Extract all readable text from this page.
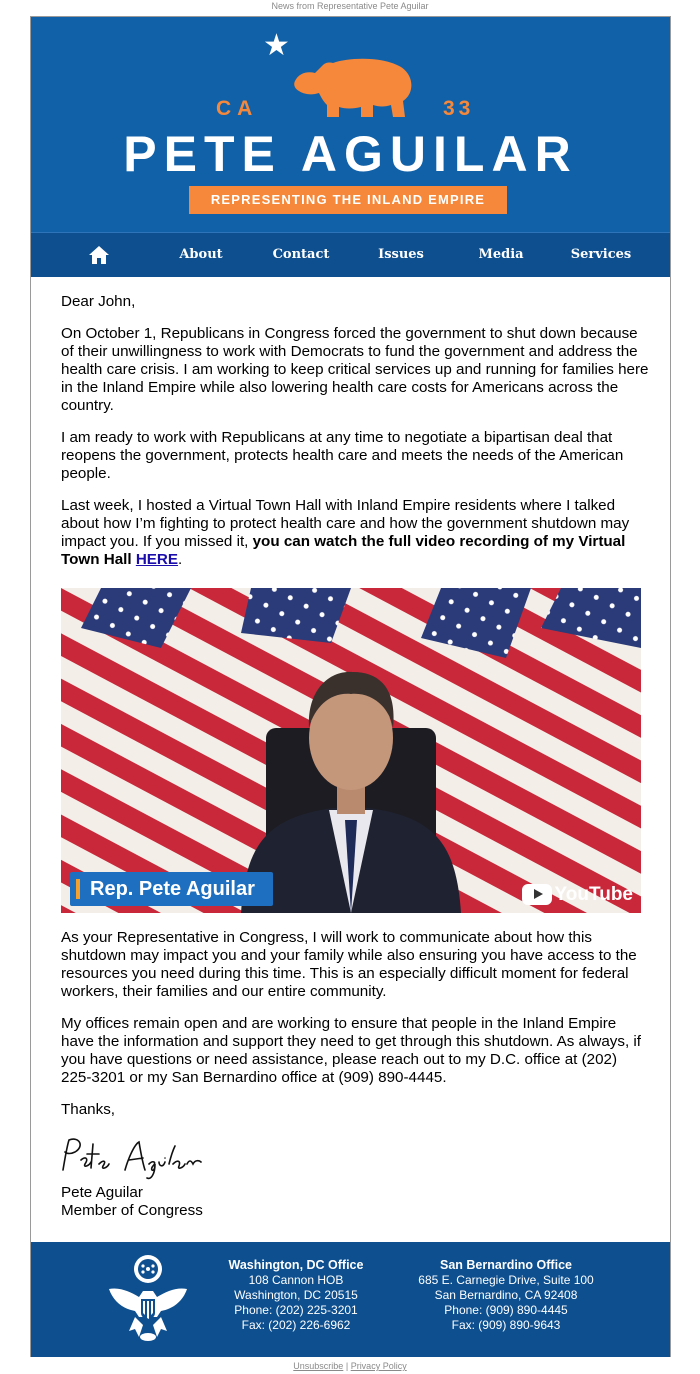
News from Representative Pete Aguilar
★
CA	33
PETE AGUILAR
REPRESENTING THE INLAND EMPIRE
About	Contact	Issues	Media	Services

Dear John,

On October 1, Republicans in Congress forced the government to shut down because of their unwillingness to work with Democrats to fund the government and address the health care crisis. I am working to keep critical services up and running for families here in the Inland Empire while also lowering health care costs for Americans across the country.

I am ready to work with Republicans at any time to negotiate a bipartisan deal that reopens the government, protects health care and meets the needs of the American people.

Last week, I hosted a Virtual Town Hall with Inland Empire residents where I talked about how I’m fighting to protect health care and how the government shutdown may impact you. If you missed it, you can watch the full video recording of my Virtual Town Hall HERE.

Rep. Pete Aguilar	YouTube

As your Representative in Congress, I will work to communicate about how this shutdown may impact you and your family while also ensuring you have access to the resources you need during this time. This is an especially difficult moment for federal workers, their families and our entire community.

My offices remain open and are working to ensure that people in the Inland Empire have the information and support they need to get through this shutdown. As always, if you have questions or need assistance, please reach out to my D.C. office at (202) 225-3201 or my San Bernardino office at (909) 890-4445.

Thanks,

Pete Aguilar
Member of Congress
Washington, DC Office
108 Cannon HOB
Washington, DC 20515
Phone: (202) 225-3201
Fax: (202) 226-6962
San Bernardino Office
685 E. Carnegie Drive, Suite 100
San Bernardino, CA 92408
Phone: (909) 890-4445
Fax: (909) 890-9643
Unsubscribe | Privacy Policy
